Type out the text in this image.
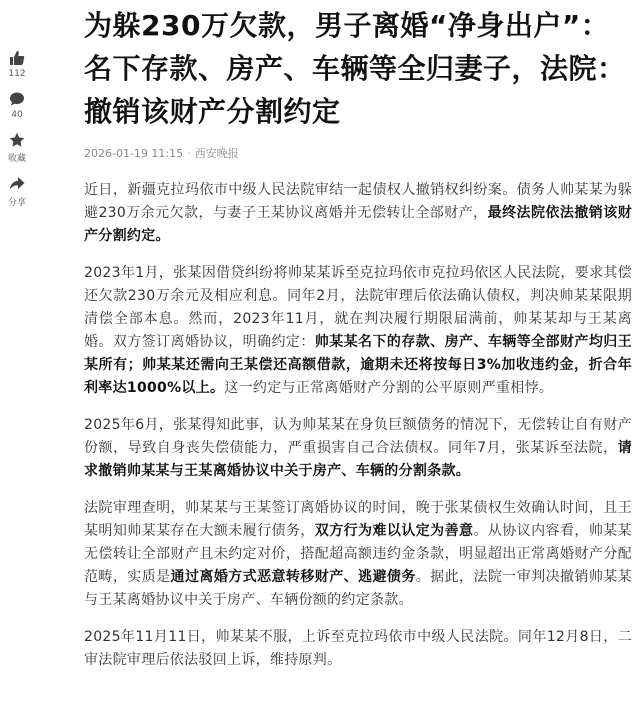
112
40
收藏
分享
为躲230万欠款，男子离婚“净身出户”：名下存款、房产、车辆等全归妻子，法院：撤销该财产分割约定
2026-01-19 11:15 · 西安晚报

近日，新疆克拉玛依市中级人民法院审结一起债权人撤销权纠纷案。债务人帅某某为躲避230万余元欠款，与妻子王某协议离婚并无偿转让全部财产，最终法院依法撤销该财产分割约定。

2023年1月，张某因借贷纠纷将帅某某诉至克拉玛依市克拉玛依区人民法院，要求其偿还欠款230万余元及相应利息。同年2月，法院审理后依法确认债权，判决帅某某限期清偿全部本息。然而，2023年11月，就在判决履行期限届满前，帅某某却与王某离婚。双方签订离婚协议，明确约定：帅某某名下的存款、房产、车辆等全部财产均归王某所有；帅某某还需向王某偿还高额借款，逾期未还将按每日3%加收违约金，折合年利率达1000%以上。这一约定与正常离婚财产分割的公平原则严重相悖。

2025年6月，张某得知此事，认为帅某某在身负巨额债务的情况下，无偿转让自有财产份额，导致自身丧失偿债能力，严重损害自己合法债权。同年7月，张某诉至法院，请求撤销帅某某与王某离婚协议中关于房产、车辆的分割条款。

法院审理查明，帅某某与王某签订离婚协议的时间，晚于张某债权生效确认时间，且王某明知帅某某存在大额未履行债务，双方行为难以认定为善意。从协议内容看，帅某某无偿转让全部财产且未约定对价，搭配超高额违约金条款，明显超出正常离婚财产分配范畴，实质是通过离婚方式恶意转移财产、逃避债务。据此，法院一审判决撤销帅某某与王某离婚协议中关于房产、车辆份额的约定条款。

2025年11月11日，帅某某不服，上诉至克拉玛依市中级人民法院。同年12月8日，二审法院审理后依法驳回上诉，维持原判。
